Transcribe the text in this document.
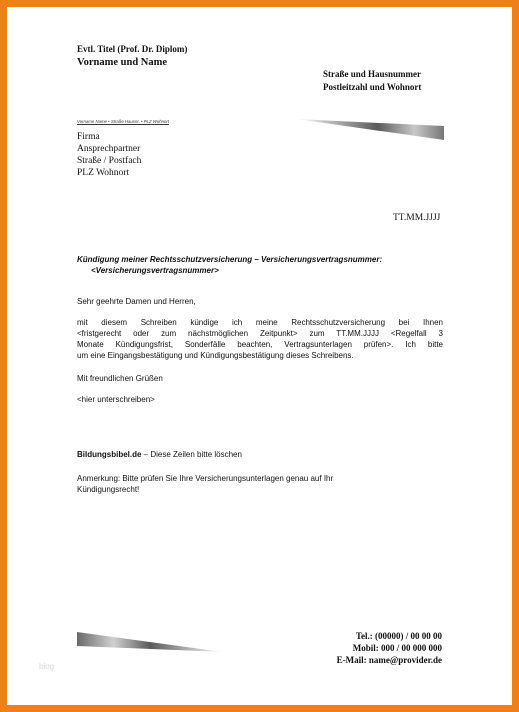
Evtl. Titel (Prof. Dr. Diplom)
Vorname und Name
Straße und Hausnummer
Postleitzahl und Wohnort
Vorname Name • Straße Hausnr. • PLZ Wohnort
Firma
Ansprechpartner
Straße / Postfach
PLZ Wohnort
TT.MM.JJJJ
Kündigung meiner Rechtsschutzversicherung – Versicherungsvertragsnummer:
<Versicherungsvertragsnummer>
Sehr geehrte Damen und Herren,
mit diesem Schreiben kündige ich meine Rechtsschutzversicherung bei Ihnen
<fristgerecht oder zum nächstmöglichen Zeitpunkt> zum TT.MM.JJJJ <Regelfall 3
Monate Kündigungsfrist, Sonderfälle beachten, Vertragsunterlagen prüfen>. Ich bitte
um eine Eingangsbestätigung und Kündigungsbestätigung dieses Schreibens.
Mit freundlichen Grüßen
<hier unterschreiben>
Bildungsbibel.de – Diese Zeilen bitte löschen
Anmerkung: Bitte prüfen Sie Ihre Versicherungsunterlagen genau auf Ihr
Kündigungsrecht!
Tel.: (00000) / 00 00 00
Mobil: 000 / 00 000 000
E-Mail: name@provider.de
blog
